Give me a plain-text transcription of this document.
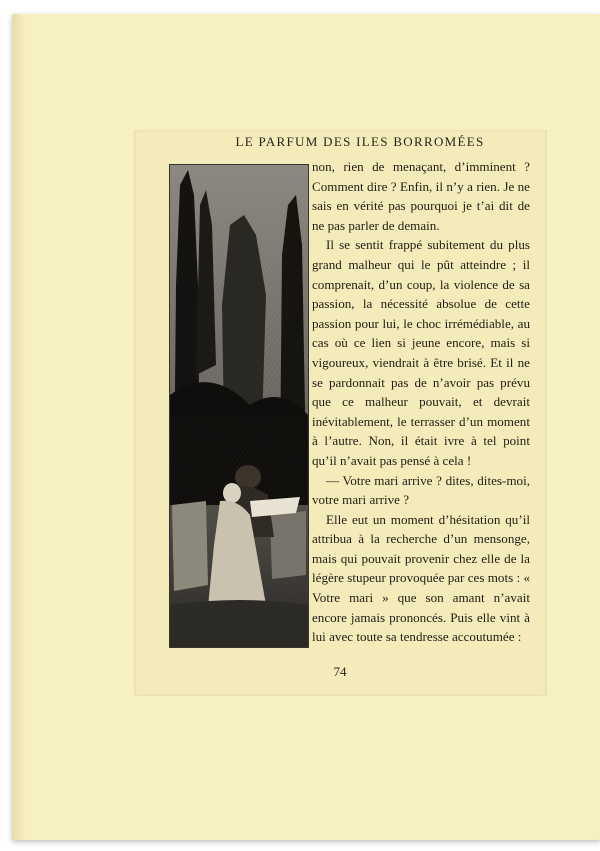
LE PARFUM DES ILES BORROMÉES

non, rien de menaçant, d’imminent ? Comment dire ? Enfin, il n’y a rien. Je ne sais en vérité pas pourquoi je t’ai dit de ne pas parler de demain.

Il se sentit frappé subitement du plus grand malheur qui le pût atteindre ; il comprenait, d’un coup, la violence de sa passion, la nécessité absolue de cette passion pour lui, le choc irrémédiable, au cas où ce lien si jeune encore, mais si vigoureux, viendrait à être brisé. Et il ne se pardonnait pas de n’avoir pas prévu que ce malheur pouvait, et devrait inévitablement, le terrasser d’un moment à l’autre. Non, il était ivre à tel point qu’il n’avait pas pensé à cela !

— Votre mari arrive ? dites, dites-moi, votre mari arrive ?

Elle eut un moment d’hésitation qu’il attribua à la recherche d’un mensonge, mais qui pouvait provenir chez elle de la légère stupeur provoquée par ces mots : « Votre mari » que son amant n’avait encore jamais prononcés. Puis elle vint à lui avec toute sa tendresse accoutumée :

74
